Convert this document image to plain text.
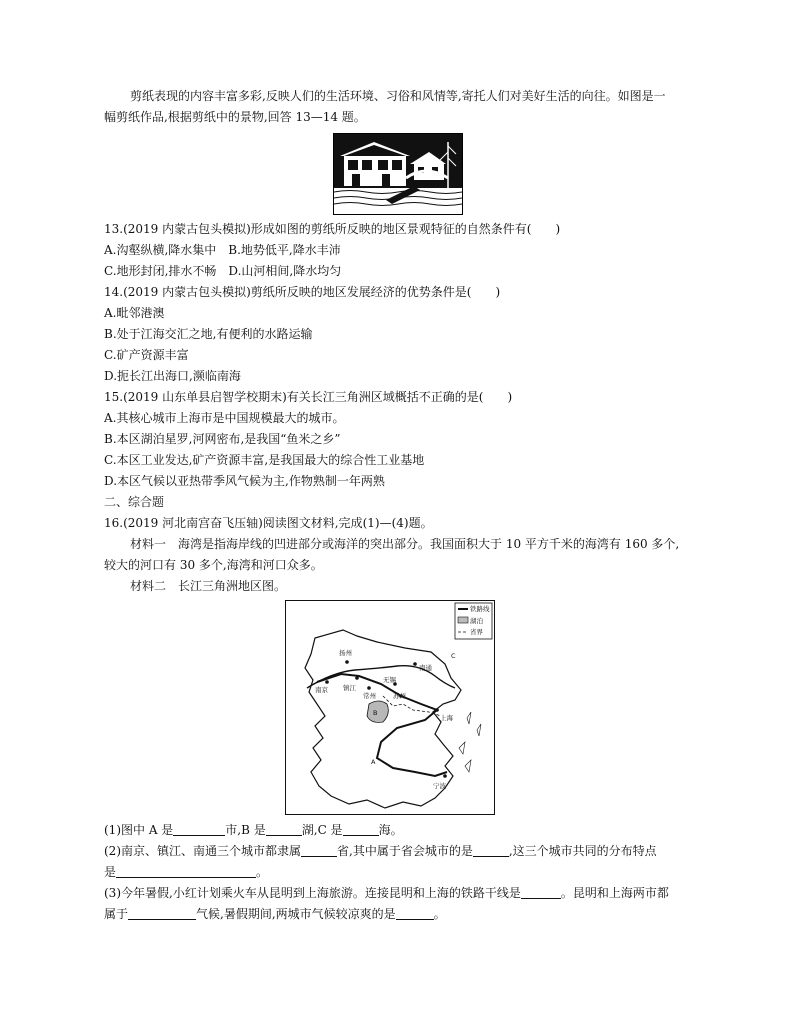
剪纸表现的内容丰富多彩,反映人们的生活环境、习俗和风情等,寄托人们对美好生活的向往。如图是一
幅剪纸作品,根据剪纸中的景物,回答 13—14 题。
13.(2019 内蒙古包头模拟)形成如图的剪纸所反映的地区景观特征的自然条件有(　　)
A.沟壑纵横,降水集中　B.地势低平,降水丰沛
C.地形封闭,排水不畅　D.山河相间,降水均匀
14.(2019 内蒙古包头模拟)剪纸所反映的地区发展经济的优势条件是(　　)
A.毗邻港澳
B.处于江海交汇之地,有便利的水路运输
C.矿产资源丰富
D.扼长江出海口,濒临南海
15.(2019 山东单县启智学校期末)有关长江三角洲区域概括不正确的是(　　)
A.其核心城市上海市是中国规模最大的城市。
B.本区湖泊星罗,河网密布,是我国“鱼米之乡”
C.本区工业发达,矿产资源丰富,是我国最大的综合性工业基地
D.本区气候以亚热带季风气候为主,作物熟制一年两熟
二、综合题
16.(2019 河北南宫奋飞压轴)阅读图文材料,完成(1)—(4)题。
材料一　海湾是指海岸线的凹进部分或海洋的突出部分。我国面积大于 10 平方千米的海湾有 160 多个,
较大的河口有 30 多个,海湾和河口众多。
材料二　长江三角洲地区图。
铁路线
湖泊
省界
扬州
南通
南京 镇江
无锡
常州	苏州
上海
宁波
B
A
C
(1)图中 A 是	市,B 是	湖,C 是	海。
(2)南京、镇江、南通三个城市都隶属	省,其中属于省会城市的是	,这三个城市共同的分布特点
是	。
(3)今年暑假,小红计划乘火车从昆明到上海旅游。连接昆明和上海的铁路干线是	。昆明和上海两市都
属于	气候,暑假期间,两城市气候较凉爽的是	。
